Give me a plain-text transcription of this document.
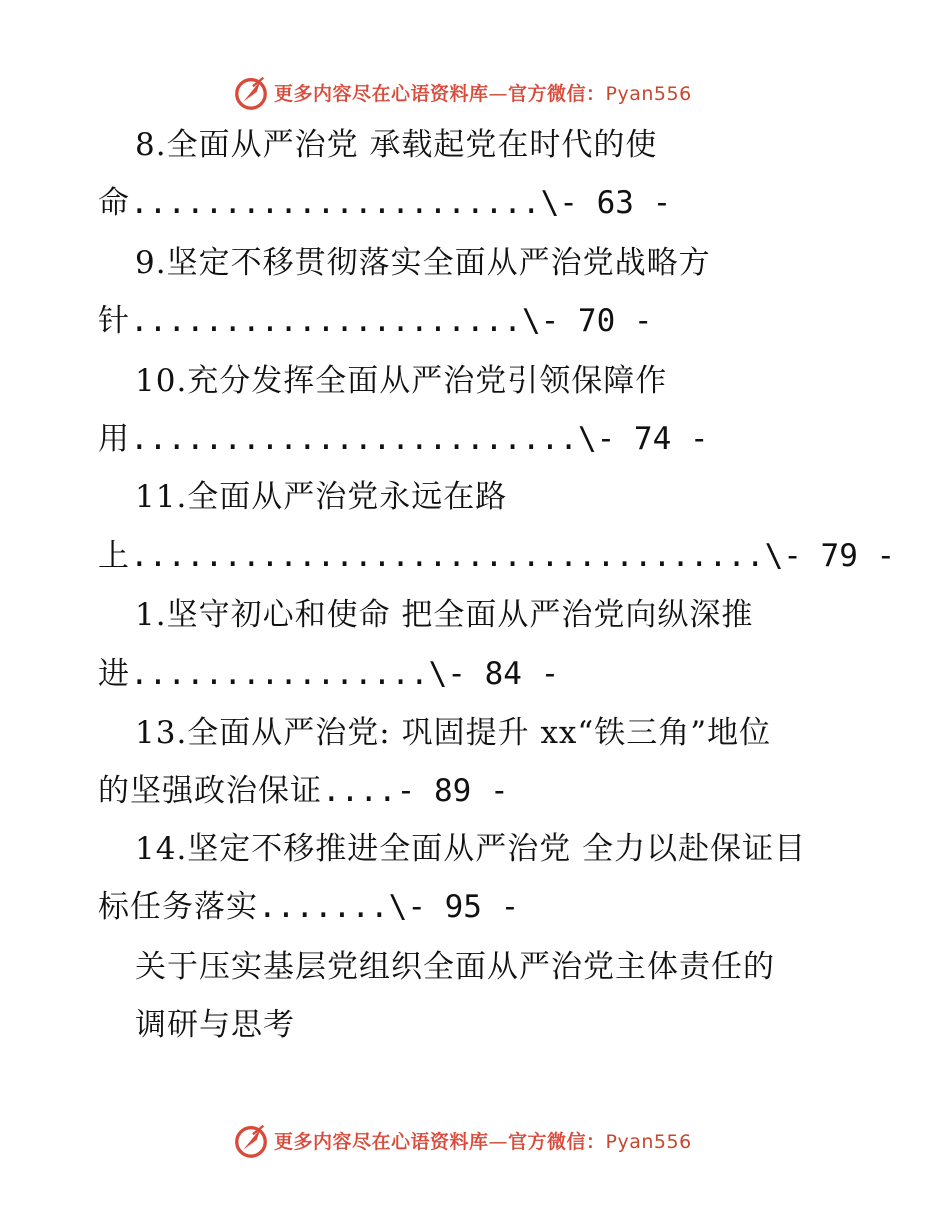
更多内容尽在心语资料库—官方微信：Pyan556
8.全面从严治党 承载起党在时代的使
命......................\- 63 -
9.坚定不移贯彻落实全面从严治党战略方
针.....................\- 70 -
10.充分发挥全面从严治党引领保障作
用........................\- 74 -
11.全面从严治党永远在路
上..................................\- 79 -
1.坚守初心和使命 把全面从严治党向纵深推
进................\- 84 -
13.全面从严治党: 巩固提升 xx“铁三角”地位
的坚强政治保证....- 89 -
14.坚定不移推进全面从严治党 全力以赴保证目
标任务落实.......\- 95 -
关于压实基层党组织全面从严治党主体责任的
调研与思考
更多内容尽在心语资料库—官方微信：Pyan556
